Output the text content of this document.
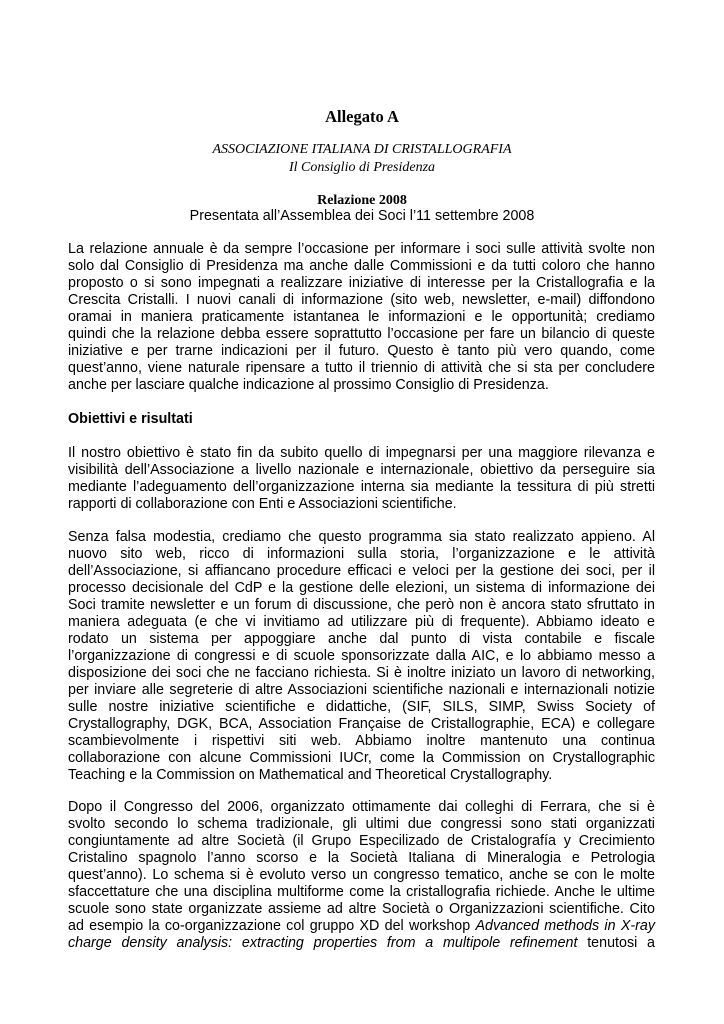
Allegato A
ASSOCIAZIONE ITALIANA DI CRISTALLOGRAFIA
Il Consiglio di Presidenza
Relazione 2008
Presentata all’Assemblea dei Soci l’11 settembre 2008
La relazione annuale è da sempre l’occasione per informare i soci sulle attività svolte non
solo dal Consiglio di Presidenza ma anche dalle Commissioni e da tutti coloro che hanno
proposto o si sono impegnati a realizzare iniziative di interesse per la Cristallografia e la
Crescita Cristalli. I nuovi canali di informazione (sito web, newsletter, e-mail) diffondono
oramai in maniera praticamente istantanea le informazioni e le opportunità; crediamo
quindi che la relazione debba essere soprattutto l’occasione per fare un bilancio di queste
iniziative e per trarne indicazioni per il futuro. Questo è tanto più vero quando, come
quest’anno, viene naturale ripensare a tutto il triennio di attività che si sta per concludere
anche per lasciare qualche indicazione al prossimo Consiglio di Presidenza.
Obiettivi e risultati
Il nostro obiettivo è stato fin da subito quello di impegnarsi per una maggiore rilevanza e
visibilità dell’Associazione a livello nazionale e internazionale, obiettivo da perseguire sia
mediante l’adeguamento dell’organizzazione interna sia mediante la tessitura di più stretti
rapporti di collaborazione con Enti e Associazioni scientifiche.
Senza falsa modestia, crediamo che questo programma sia stato realizzato appieno. Al
nuovo sito web, ricco di informazioni sulla storia, l’organizzazione e le attività
dell’Associazione, si affiancano procedure efficaci e veloci per la gestione dei soci, per il
processo decisionale del CdP e la gestione delle elezioni, un sistema di informazione dei
Soci tramite newsletter e un forum di discussione, che però non è ancora stato sfruttato in
maniera adeguata (e che vi invitiamo ad utilizzare più di frequente). Abbiamo ideato e
rodato un sistema per appoggiare anche dal punto di vista contabile e fiscale
l’organizzazione di congressi e di scuole sponsorizzate dalla AIC, e lo abbiamo messo a
disposizione dei soci che ne facciano richiesta. Si è inoltre iniziato un lavoro di networking,
per inviare alle segreterie di altre Associazioni scientifiche nazionali e internazionali notizie
sulle nostre iniziative scientifiche e didattiche, (SIF, SILS, SIMP, Swiss Society of
Crystallography, DGK, BCA, Association Française de Cristallographie, ECA) e collegare
scambievolmente i rispettivi siti web. Abbiamo inoltre mantenuto una continua
collaborazione con alcune Commissioni IUCr, come la Commission on Crystallographic
Teaching e la Commission on Mathematical and Theoretical Crystallography.
Dopo il Congresso del 2006, organizzato ottimamente dai colleghi di Ferrara, che si è
svolto secondo lo schema tradizionale, gli ultimi due congressi sono stati organizzati
congiuntamente ad altre Società (il Grupo Especilizado de Cristalografía y Crecimiento
Cristalino spagnolo l’anno scorso e la Società Italiana di Mineralogia e Petrologia
quest’anno). Lo schema si è evoluto verso un congresso tematico, anche se con le molte
sfaccettature che una disciplina multiforme come la cristallografia richiede. Anche le ultime
scuole sono state organizzate assieme ad altre Società o Organizzazioni scientifiche. Cito
ad esempio la co-organizzazione col gruppo XD del workshop Advanced methods in X-ray
charge density analysis: extracting properties from a multipole refinement tenutosi a
